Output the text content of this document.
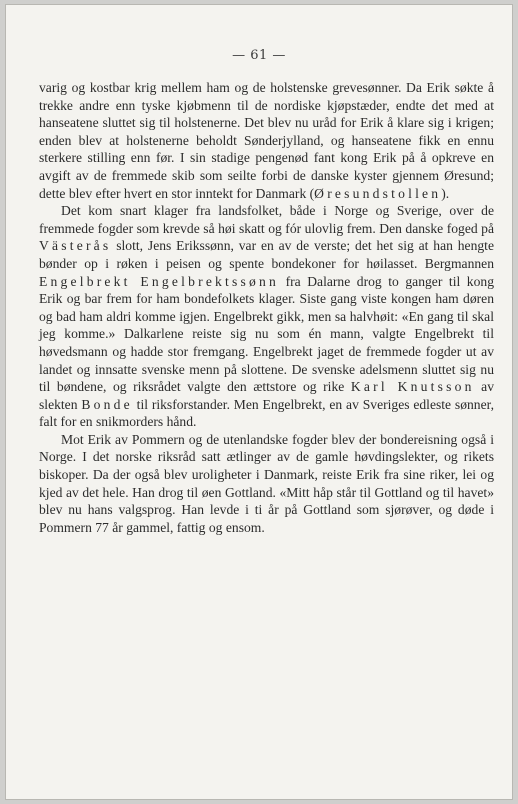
— 61 —

varig og kostbar krig mellem ham og de holstenske grevesønner. Da Erik søkte å trekke andre enn tyske kjøbmenn til de nordiske kjøpstæder, endte det med at hanseatene sluttet sig til holstenerne. Det blev nu uråd for Erik å klare sig i krigen; enden blev at holstenerne beholdt Sønderjylland, og hanseatene fikk en ennu sterkere stilling enn før. I sin stadige pengenød fant kong Erik på å opkreve en avgift av de fremmede skib som seilte forbi de danske kyster gjennem Øresund; dette blev efter hvert en stor inntekt for Danmark (Øresundstollen).

Det kom snart klager fra landsfolket, både i Norge og Sverige, over de fremmede fogder som krevde så høi skatt og fór ulovlig frem. Den danske foged på Västerås slott, Jens Erikssønn, var en av de verste; det het sig at han hengte bønder op i røken i peisen og spente bondekoner for høilasset. Bergmannen Engelbrekt Engelbrektssønn fra Dalarne drog to ganger til kong Erik og bar frem for ham bondefolkets klager. Siste gang viste kongen ham døren og bad ham aldri komme igjen. Engelbrekt gikk, men sa halvhøit: «En gang til skal jeg komme.» Dalkarlene reiste sig nu som én mann, valgte Engelbrekt til høvedsmann og hadde stor fremgang. Engelbrekt jaget de fremmede fogder ut av landet og innsatte svenske menn på slottene. De svenske adelsmenn sluttet sig nu til bøndene, og riksrådet valgte den ættstore og rike Karl Knutsson av slekten Bonde til riksforstander. Men Engelbrekt, en av Sveriges edleste sønner, falt for en snikmorders hånd.

Mot Erik av Pommern og de utenlandske fogder blev der bondereisning også i Norge. I det norske riksråd satt ætlinger av de gamle høvdingslekter, og rikets biskoper. Da der også blev uroligheter i Danmark, reiste Erik fra sine riker, lei og kjed av det hele. Han drog til øen Gottland. «Mitt håp står til Gottland og til havet» blev nu hans valgsprog. Han levde i ti år på Gottland som sjørøver, og døde i Pommern 77 år gammel, fattig og ensom.
